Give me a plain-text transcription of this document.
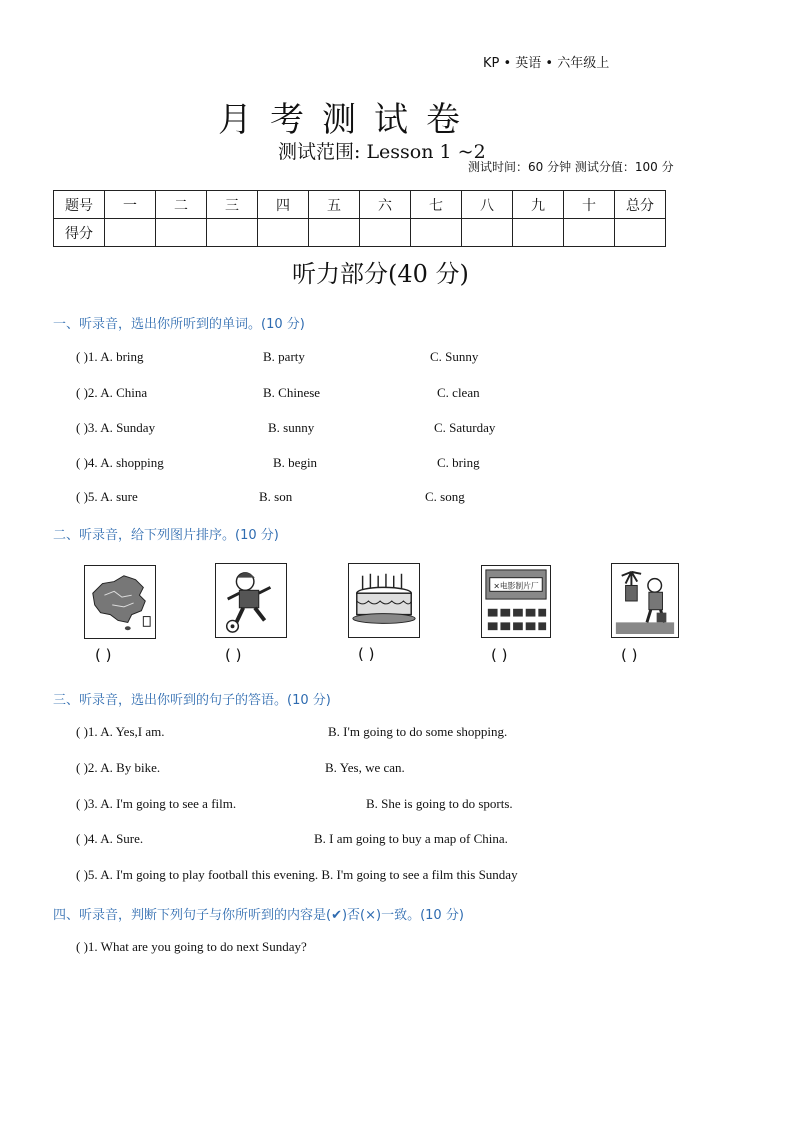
KP • 英语 • 六年级上
月考测试卷
测试范围: Lesson 1 ~2
测试时间：60 分钟 测试分值：100 分
题号	一	二	三	四	五	六	七	八	九	十	总分
得分											
听力部分(40 分)
一、听录音，选出你所听到的单词。(10 分)
( )1. A. bring	B. party	C. Sunny
( )2. A. China	B. Chinese	C. clean
( )3. A. Sunday	B. sunny	C. Saturday
( )4. A. shopping	B. begin	C. bring
( )5. A. sure	B. son	C. song
二、听录音，给下列图片排序。(10 分)
×电影制片厂
( )	( )	( )	( )	( )
三、听录音，选出你听到的句子的答语。(10 分)
( )1. A. Yes,I am.	B. I'm going to do some shopping.
( )2. A. By bike.	B. Yes, we can.
( )3. A. I'm going to see a film.	B. She is going to do sports.
( )4. A. Sure.	B. I am going to buy a map of China.
( )5. A. I'm going to play football this evening. B. I'm going to see a film this Sunday
四、听录音，判断下列句子与你所听到的内容是(✔)否(×)一致。(10 分)
( )1. What are you going to do next Sunday?
